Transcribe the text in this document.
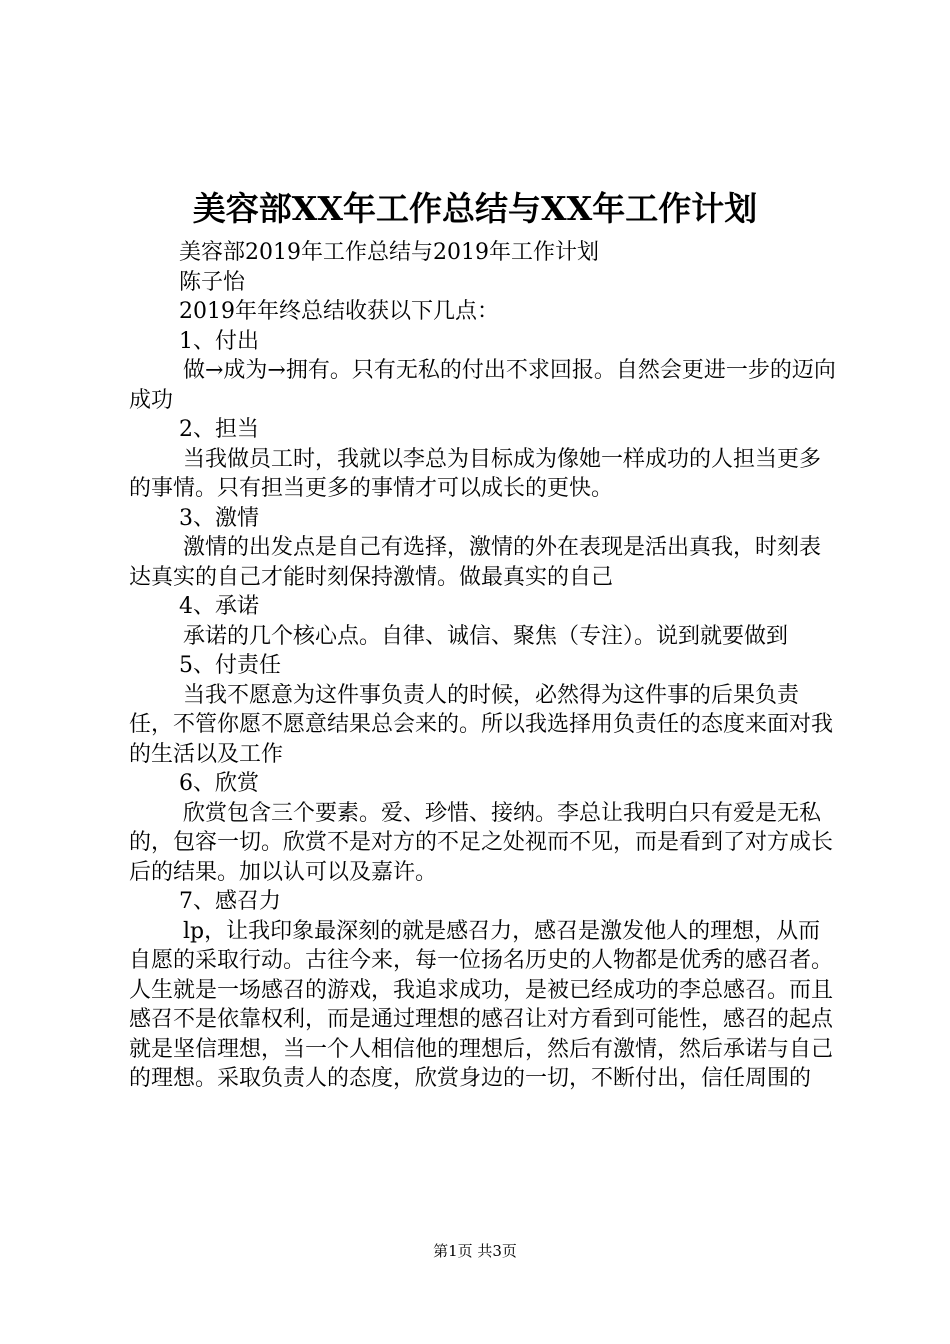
美容部XX年工作总结与XX年工作计划

美容部2019年工作总结与2019年工作计划

陈子怡

2019年年终总结收获以下几点：

1、付出

做→成为→拥有。只有无私的付出不求回报。自然会更进一步的迈向成功

2、担当

当我做员工时，我就以李总为目标成为像她一样成功的人担当更多的事情。只有担当更多的事情才可以成长的更快。

3、激情

激情的出发点是自己有选择，激情的外在表现是活出真我，时刻表达真实的自己才能时刻保持激情。做最真实的自己

4、承诺

承诺的几个核心点。自律、诚信、聚焦（专注）。说到就要做到

5、付责任

当我不愿意为这件事负责人的时候，必然得为这件事的后果负责任，不管你愿不愿意结果总会来的。所以我选择用负责任的态度来面对我的生活以及工作

6、欣赏

欣赏包含三个要素。爱、珍惜、接纳。李总让我明白只有爱是无私的，包容一切。欣赏不是对方的不足之处视而不见，而是看到了对方成长后的结果。加以认可以及嘉许。

7、感召力

lp，让我印象最深刻的就是感召力，感召是激发他人的理想，从而自愿的采取行动。古往今来，每一位扬名历史的人物都是优秀的感召者。人生就是一场感召的游戏，我追求成功，是被已经成功的李总感召。而且感召不是依靠权利，而是通过理想的感召让对方看到可能性，感召的起点就是坚信理想，当一个人相信他的理想后，然后有激情，然后承诺与自己的理想。采取负责人的态度，欣赏身边的一切，不断付出，信任周围的

第1页 共3页
